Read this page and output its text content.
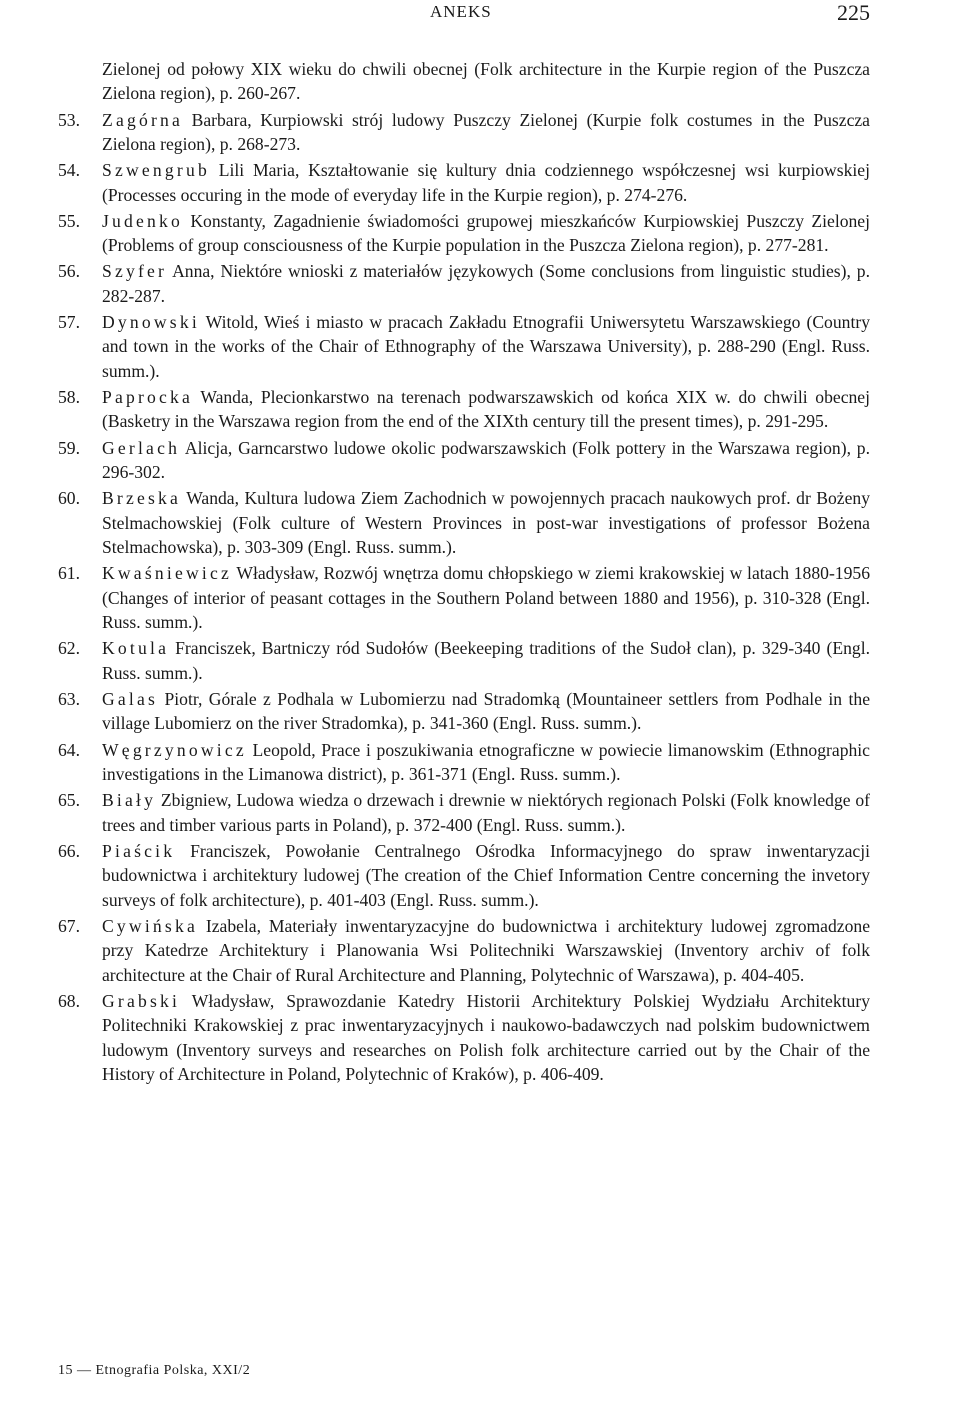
ANEKS	225
Zielonej od połowy XIX wieku do chwili obecnej (Folk architecture in the Kurpie region of the Puszcza Zielona region), p. 260-267.
53. Zagórna Barbara, Kurpiowski strój ludowy Puszczy Zielonej (Kurpie folk costumes in the Puszcza Zielona region), p. 268-273.
54. Szwengrub Lili Maria, Kształtowanie się kultury dnia codziennego współczesnej wsi kurpiowskiej (Processes occuring in the mode of everyday life in the Kurpie region), p. 274-276.
55. Judenko Konstanty, Zagadnienie świadomości grupowej mieszkańców Kurpiowskiej Puszczy Zielonej (Problems of group consciousness of the Kurpie population in the Puszcza Zielona region), p. 277-281.
56. Szyfer Anna, Niektóre wnioski z materiałów językowych (Some conclusions from linguistic studies), p. 282-287.
57. Dynowski Witold, Wieś i miasto w pracach Zakładu Etnografii Uniwersytetu Warszawskiego (Country and town in the works of the Chair of Ethnography of the Warszawa University), p. 288-290 (Engl. Russ. summ.).
58. Paprocka Wanda, Plecionkarstwo na terenach podwarszawskich od końca XIX w. do chwili obecnej (Basketry in the Warszawa region from the end of the XIXth century till the present times), p. 291-295.
59. Gerlach Alicja, Garncarstwo ludowe okolic podwarszawskich (Folk pottery in the Warszawa region), p. 296-302.
60. Brzeska Wanda, Kultura ludowa Ziem Zachodnich w powojennych pracach naukowych prof. dr Bożeny Stelmachowskiej (Folk culture of Western Provinces in post-war investigations of professor Bożena Stelmachowska), p. 303-309 (Engl. Russ. summ.).
61. Kwaśniewicz Władysław, Rozwój wnętrza domu chłopskiego w ziemi krakowskiej w latach 1880-1956 (Changes of interior of peasant cottages in the Southern Poland between 1880 and 1956), p. 310-328 (Engl. Russ. summ.).
62. Kotula Franciszek, Bartniczy ród Sudołów (Beekeeping traditions of the Sudoł clan), p. 329-340 (Engl. Russ. summ.).
63. Galas Piotr, Górale z Podhala w Lubomierzu nad Stradomką (Mountaineer settlers from Podhale in the village Lubomierz on the river Stradomka), p. 341-360 (Engl. Russ. summ.).
64. Węgrzynowicz Leopold, Prace i poszukiwania etnograficzne w powiecie limanowskim (Ethnographic investigations in the Limanowa district), p. 361-371 (Engl. Russ. summ.).
65. Biały Zbigniew, Ludowa wiedza o drzewach i drewnie w niektórych regionach Polski (Folk knowledge of trees and timber various parts in Poland), p. 372-400 (Engl. Russ. summ.).
66. Piaścik Franciszek, Powołanie Centralnego Ośrodka Informacyjnego do spraw inwentaryzacji budownictwa i architektury ludowej (The creation of the Chief Information Centre concerning the invetory surveys of folk architecture), p. 401-403 (Engl. Russ. summ.).
67. Cywińska Izabela, Materiały inwentaryzacyjne do budownictwa i architektury ludowej zgromadzone przy Katedrze Architektury i Planowania Wsi Politechniki Warszawskiej (Inventory archiv of folk architecture at the Chair of Rural Architecture and Planning, Polytechnic of Warszawa), p. 404-405.
68. Grabski Władysław, Sprawozdanie Katedry Historii Architektury Polskiej Wydziału Architektury Politechniki Krakowskiej z prac inwentaryzacyjnych i naukowo-badawczych nad polskim budownictwem ludowym (Inventory surveys and researches on Polish folk architecture carried out by the Chair of the History of Architecture in Poland, Polytechnic of Kraków), p. 406-409.
15 — Etnografia Polska, XXI/2
